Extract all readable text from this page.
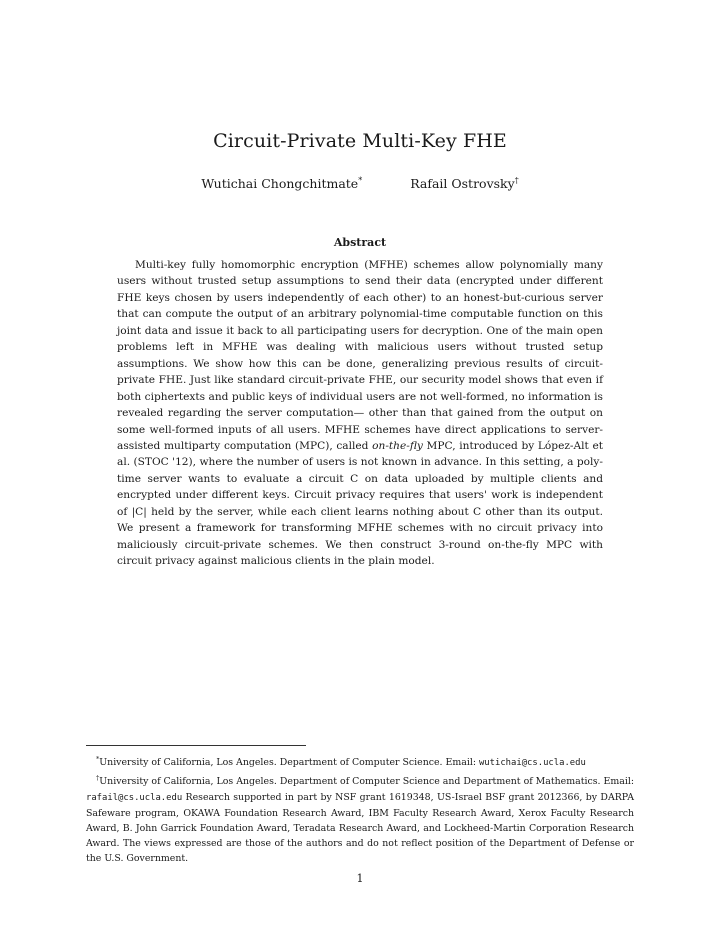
Circuit-Private Multi-Key FHE
Wutichai Chongchitmate*	Rafail Ostrovsky†
Abstract

Multi-key fully homomorphic encryption (MFHE) schemes allow polynomially many users without trusted setup assumptions to send their data (encrypted under different FHE keys chosen by users independently of each other) to an honest-but-curious server that can compute the output of an arbitrary polynomial-time computable function on this joint data and issue it back to all participating users for decryption. One of the main open problems left in MFHE was dealing with malicious users without trusted setup assumptions. We show how this can be done, generalizing previous results of circuit-private FHE. Just like standard circuit-private FHE, our security model shows that even if both ciphertexts and public keys of individual users are not well-formed, no information is revealed regarding the server computation— other than that gained from the output on some well-formed inputs of all users. MFHE schemes have direct applications to server-assisted multiparty computation (MPC), called on-the-fly MPC, introduced by López-Alt et al. (STOC '12), where the number of users is not known in advance. In this setting, a poly-time server wants to evaluate a circuit C on data uploaded by multiple clients and encrypted under different keys. Circuit privacy requires that users' work is independent of |C| held by the server, while each client learns nothing about C other than its output. We present a framework for transforming MFHE schemes with no circuit privacy into maliciously circuit-private schemes. We then construct 3-round on-the-fly MPC with circuit privacy against malicious clients in the plain model.

*University of California, Los Angeles. Department of Computer Science. Email: wutichai@cs.ucla.edu

†University of California, Los Angeles. Department of Computer Science and Department of Mathematics. Email: rafail@cs.ucla.edu Research supported in part by NSF grant 1619348, US-Israel BSF grant 2012366, by DARPA Safeware program, OKAWA Foundation Research Award, IBM Faculty Research Award, Xerox Faculty Research Award, B. John Garrick Foundation Award, Teradata Research Award, and Lockheed-Martin Corporation Research Award. The views expressed are those of the authors and do not reflect position of the Department of Defense or the U.S. Government.

1
